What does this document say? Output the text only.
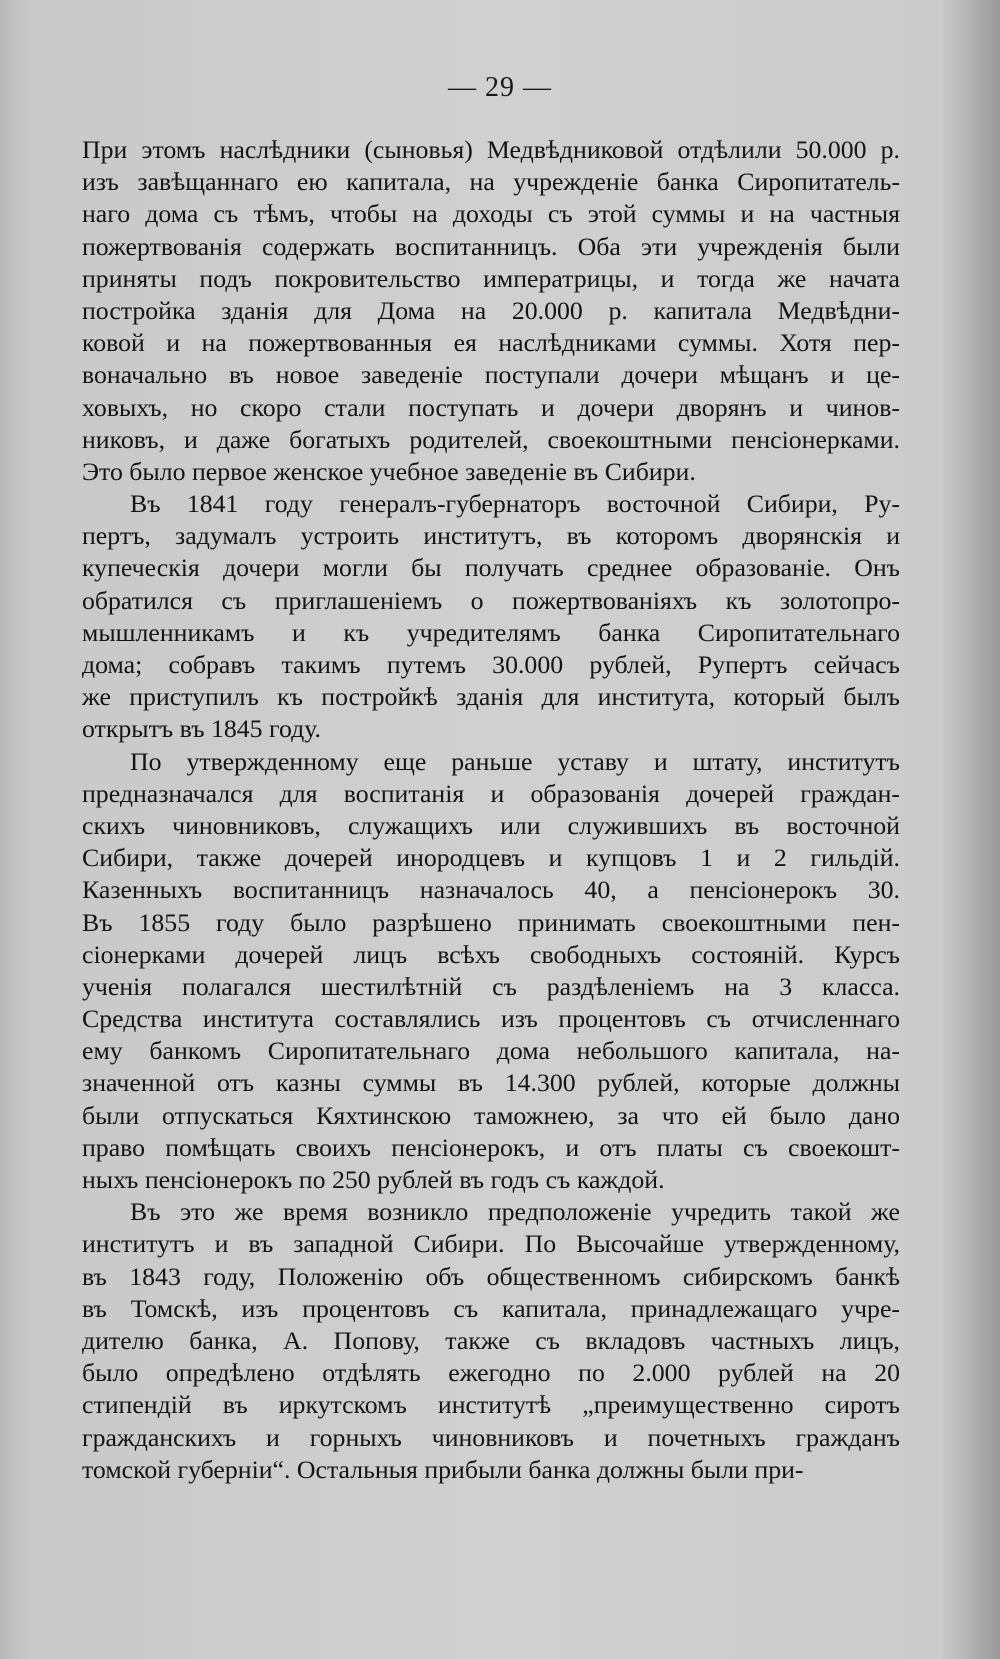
— 29 —
При этомъ наслѣдники (сыновья) Медвѣдниковой отдѣлили 50.000 р.
изъ завѣщаннаго ею капитала, на учрежденіе банка Сиропитатель-
наго дома съ тѣмъ, чтобы на доходы съ этой суммы и на частныя
пожертвованія содержать воспитанницъ. Оба эти учрежденія были
приняты подъ покровительство императрицы, и тогда же начата
постройка зданія для Дома на 20.000 р. капитала Медвѣдни-
ковой и на пожертвованныя ея наслѣдниками суммы. Хотя пер-
воначально въ новое заведеніе поступали дочери мѣщанъ и це-
ховыхъ, но скоро стали поступать и дочери дворянъ и чинов-
никовъ, и даже богатыхъ родителей, своекоштными пенсіонерками.
Это было первое женское учебное заведеніе въ Сибири.
Въ 1841 году генералъ-губернаторъ восточной Сибири, Ру-
пертъ, задумалъ устроить институтъ, въ которомъ дворянскія и
купеческія дочери могли бы получать среднее образованіе. Онъ
обратился съ приглашеніемъ о пожертвованіяхъ къ золотопро-
мышленникамъ и къ учредителямъ банка Сиропитательнаго
дома; собравъ такимъ путемъ 30.000 рублей, Рупертъ сейчасъ
же приступилъ къ постройкѣ зданія для института, который былъ
открытъ въ 1845 году.
По утвержденному еще раньше уставу и штату, институтъ
предназначался для воспитанія и образованія дочерей граждан-
скихъ чиновниковъ, служащихъ или служившихъ въ восточной
Сибири, также дочерей инородцевъ и купцовъ 1 и 2 гильдій.
Казенныхъ воспитанницъ назначалось 40, а пенсіонерокъ 30.
Въ 1855 году было разрѣшено принимать своекоштными пен-
сіонерками дочерей лицъ всѣхъ свободныхъ состояній. Курсъ
ученія полагался шестилѣтній съ раздѣленіемъ на 3 класса.
Средства института составлялись изъ процентовъ съ отчисленнаго
ему банкомъ Сиропитательнаго дома небольшого капитала, на-
значенной отъ казны суммы въ 14.300 рублей, которые должны
были отпускаться Кяхтинскою таможнею, за что ей было дано
право помѣщать своихъ пенсіонерокъ, и отъ платы съ своекошт-
ныхъ пенсіонерокъ по 250 рублей въ годъ съ каждой.
Въ это же время возникло предположеніе учредить такой же
институтъ и въ западной Сибири. По Высочайше утвержденному,
въ 1843 году, Положенію объ общественномъ сибирскомъ банкѣ
въ Томскѣ, изъ процентовъ съ капитала, принадлежащаго учре-
дителю банка, А. Попову, также съ вкладовъ частныхъ лицъ,
было опредѣлено отдѣлять ежегодно по 2.000 рублей на 20
стипендій въ иркутскомъ институтѣ „преимущественно сиротъ
гражданскихъ и горныхъ чиновниковъ и почетныхъ гражданъ
томской губерніи“. Остальныя прибыли банка должны были при-
